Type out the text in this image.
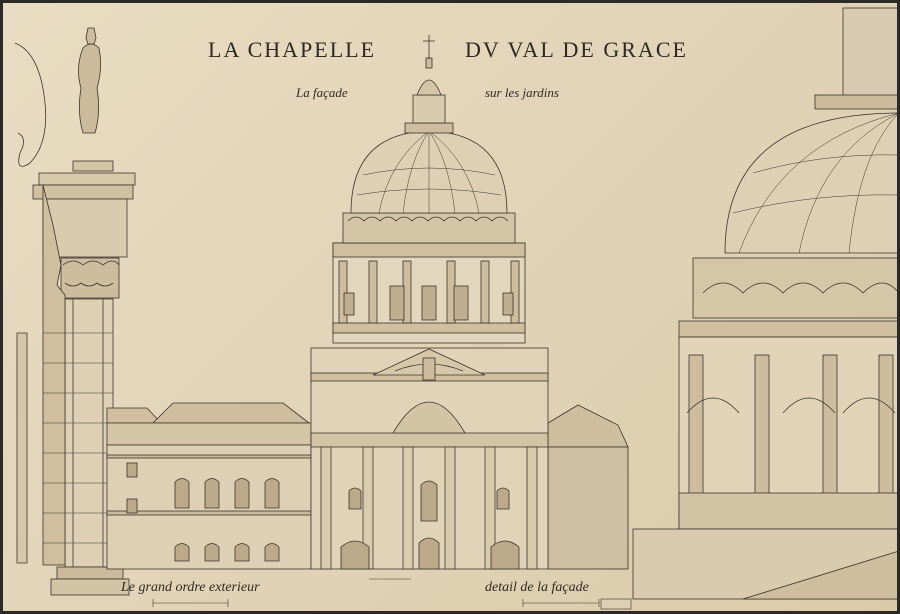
LA CHAPELLE	DV VAL DE GRACE
La façade	sur les jardins
Le grand ordre exterieur	detail de la façade
